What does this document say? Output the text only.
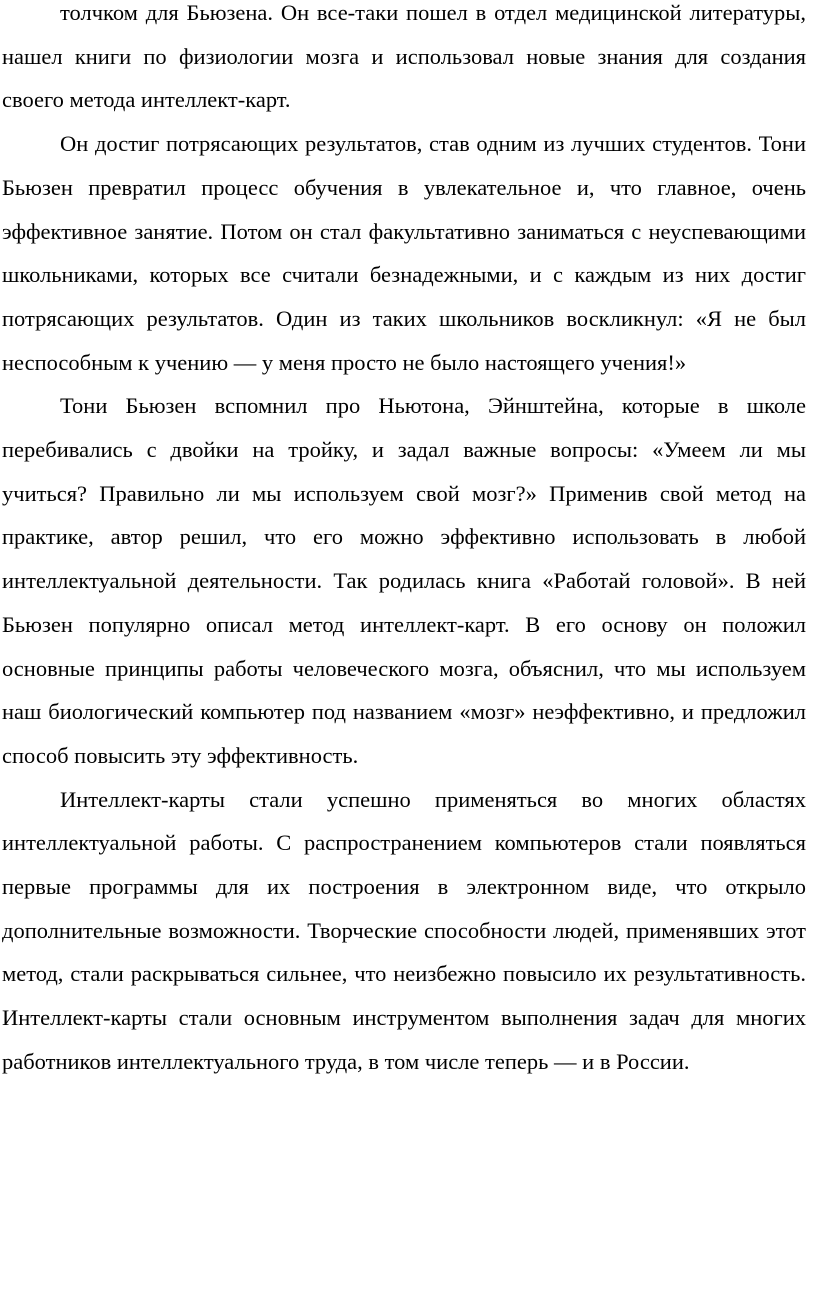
толчком для Бьюзена. Он все-таки пошел в отдел медицинской литературы, нашел книги по физиологии мозга и использовал новые знания для создания своего метода интеллект-карт.

Он достиг потрясающих результатов, став одним из лучших студентов. Тони Бьюзен превратил процесс обучения в увлекательное и, что главное, очень эффективное занятие. Потом он стал факультативно заниматься с неуспевающими школьниками, которых все считали безнадежными, и с каждым из них достиг потрясающих результатов. Один из таких школьников воскликнул: «Я не был неспособным к учению — у меня просто не было настоящего учения!»

Тони Бьюзен вспомнил про Ньютона, Эйнштейна, которые в школе перебивались с двойки на тройку, и задал важные вопросы: «Умеем ли мы учиться? Правильно ли мы используем свой мозг?» Применив свой метод на практике, автор решил, что его можно эффективно использовать в любой интеллектуальной деятельности. Так родилась книга «Работай головой». В ней Бьюзен популярно описал метод интеллект-карт. В его основу он положил основные принципы работы человеческого мозга, объяснил, что мы используем наш биологический компьютер под названием «мозг» неэффективно, и предложил способ повысить эту эффективность.

Интеллект-карты стали успешно применяться во многих областях интеллектуальной работы. С распространением компьютеров стали появляться первые программы для их построения в электронном виде, что открыло дополнительные возможности. Творческие способности людей, применявших этот метод, стали раскрываться сильнее, что неизбежно повысило их результативность. Интеллект-карты стали основным инструментом выполнения задач для многих работников интеллектуального труда, в том числе теперь — и в России.
